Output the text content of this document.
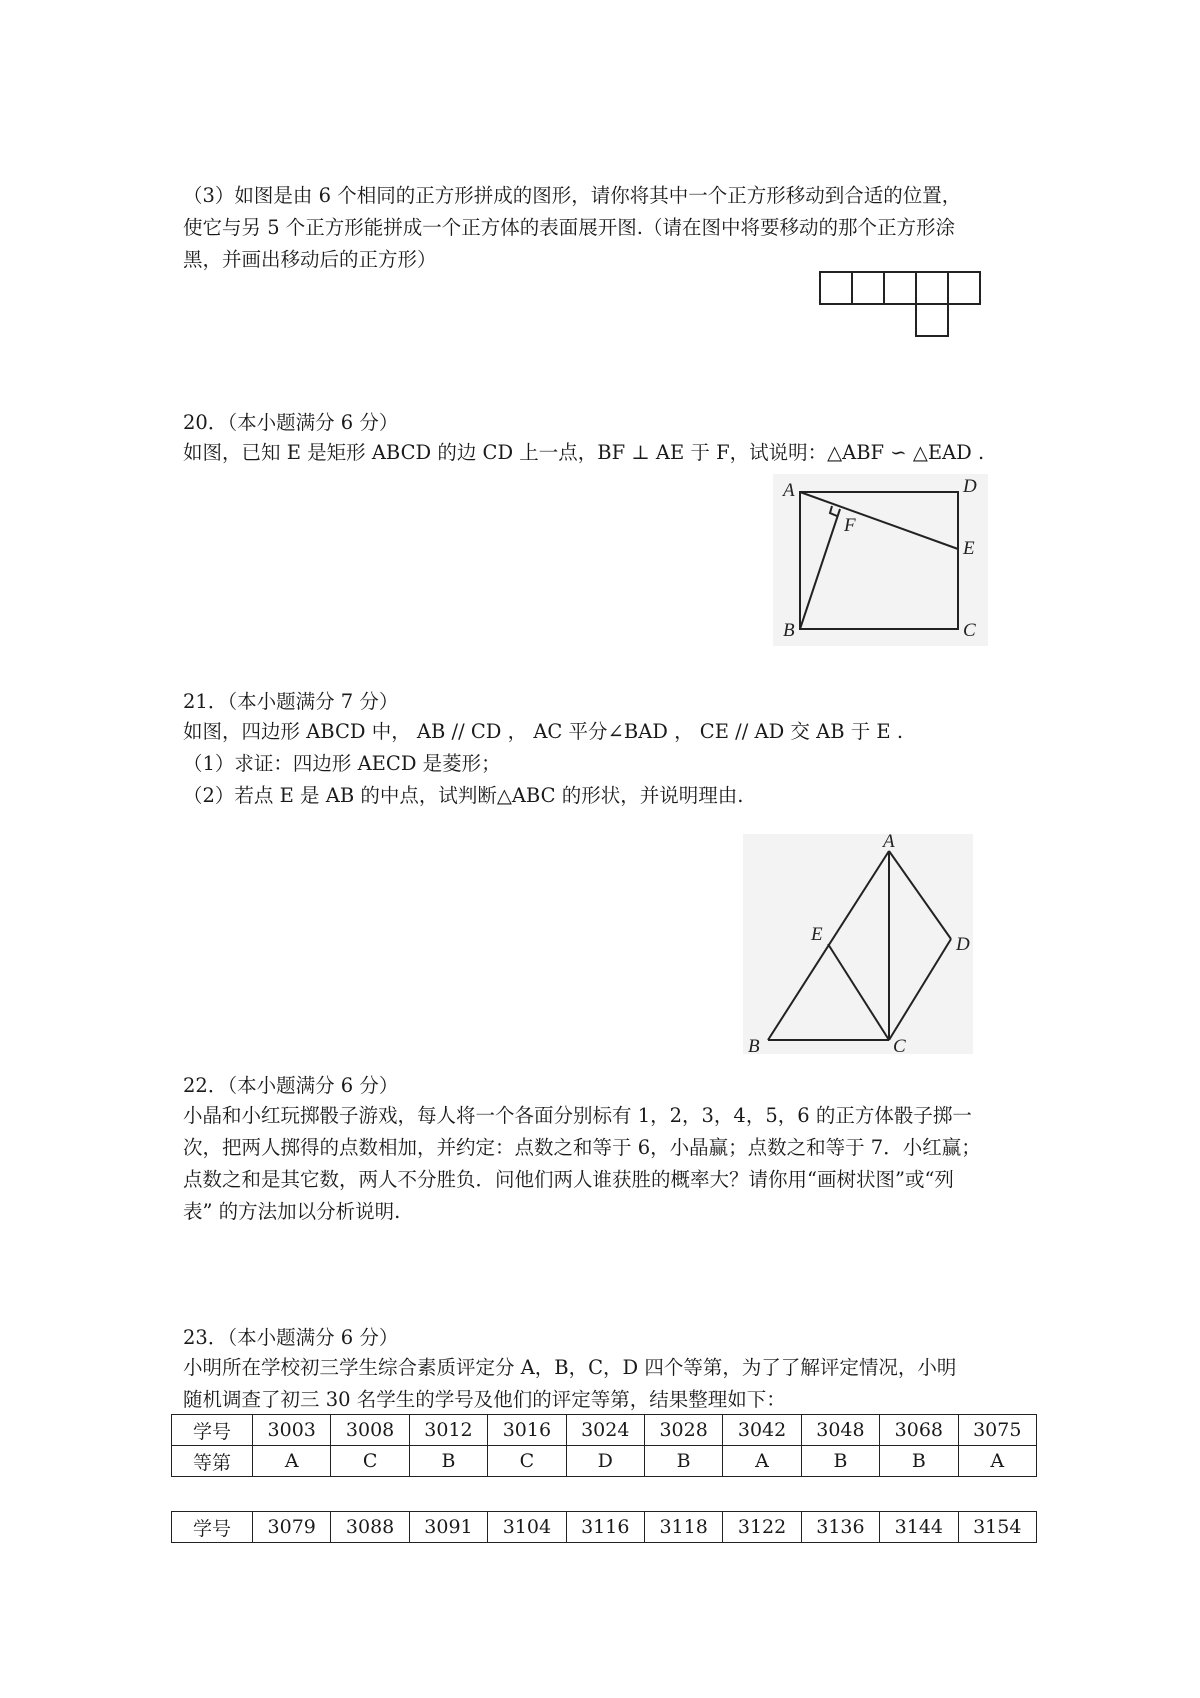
（3）如图是由 6 个相同的正方形拼成的图形，请你将其中一个正方形移动到合适的位置，
使它与另 5 个正方形能拼成一个正方体的表面展开图.（请在图中将要移动的那个正方形涂
黑，并画出移动后的正方形）
20．（本小题满分 6 分）
如图，已知 E 是矩形 ABCD 的边 CD 上一点，BF ⊥ AE 于 F，试说明：△ABF ∽ △EAD .
A	D
F
E
B	C
21．（本小题满分 7 分）
如图，四边形 ABCD 中， AB // CD ， AC 平分∠BAD ， CE // AD 交 AB 于 E .
（1）求证：四边形 AECD 是菱形；
（2）若点 E 是 AB 的中点，试判断△ABC 的形状，并说明理由.
A
E	D
B	C
22．（本小题满分 6 分）
小晶和小红玩掷骰子游戏，每人将一个各面分别标有 1，2，3，4，5，6 的正方体骰子掷一
次，把两人掷得的点数相加，并约定：点数之和等于 6，小晶赢；点数之和等于 7．小红赢；
点数之和是其它数，两人不分胜负．问他们两人谁获胜的概率大？请你用“画树状图”或“列
表” 的方法加以分析说明.
23．（本小题满分 6 分）
小明所在学校初三学生综合素质评定分 A，B，C，D 四个等第，为了了解评定情况，小明
随机调查了初三 30 名学生的学号及他们的评定等第，结果整理如下：
学号	3003	3008	3012	3016	3024	3028	3042	3048	3068	3075
等第	A	C	B	C	D	B	A	B	B	A
学号	3079	3088	3091	3104	3116	3118	3122	3136	3144	3154
